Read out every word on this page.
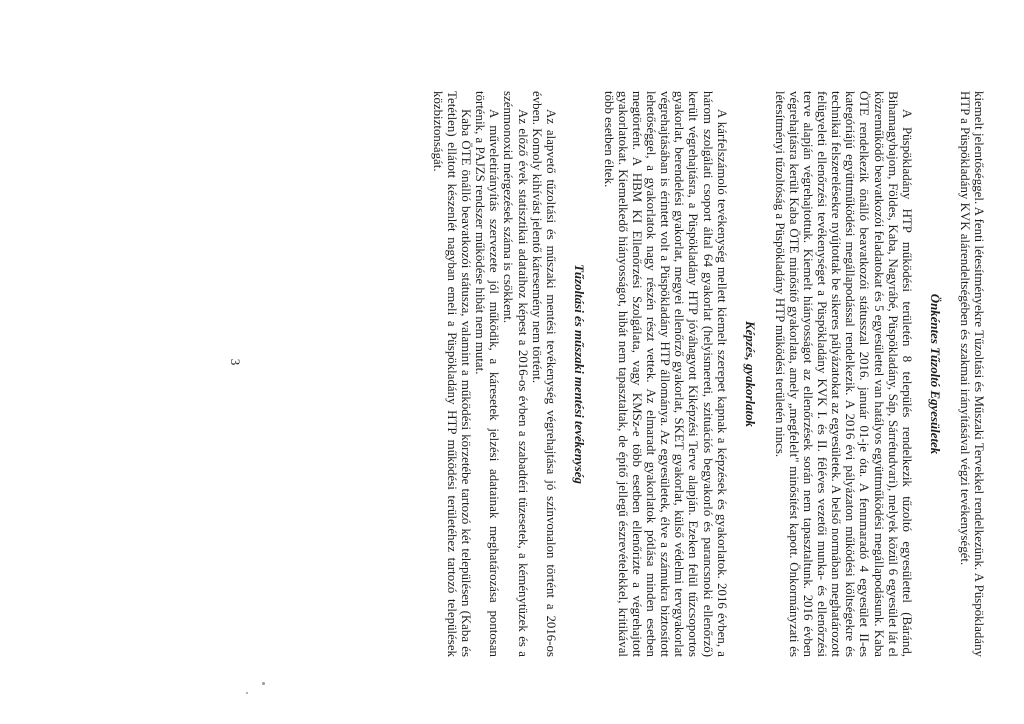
kiemelt jelentőséggel. A fenti létesítményekre Tűzoltási és Műszaki Tervekkel rendelkezünk. A Püspökladány HTP a Püspökladány KVK alárendeltségében és szakmai irányításával végzi tevékenységét.

Önkéntes Tűzoltó Egyesületek

A Püspökladány HTP működési területén 8 település rendelkezik tűzoltó egyesülettel (Báránd, Bihamagybajom, Földes, Kaba, Nagyrábé, Püspökladány, Sáp, Sárrétudvari), melyek közül 6 egyesület lát el közreműködő beavatkozói feladatokat és 5 egyesülettel van hatályos együttműködési megállapodásunk. Kaba ÖTE rendelkezik önálló beavatkozói státusszal 2016. január 01-je óta. A fennmaradó 4 egyesület II-es kategóriájú együttműködési megállapodással rendelkezik. A 2016 évi pályázaton működési költségekre és technikai felszerelésekre nyújtottak be sikeres pályázatokat az egyesületek. A belső normában meghatározott felügyeleti ellenőrzési tevékenységet a Püspökladány KVK I. és II. féléves vezetői munka- és ellenőrzési terve alapján végrehajtottuk. Kiemelt hiányosságot az ellenőrzések során nem tapasztaltunk. 2016 évben végrehajtásra került Kaba ÖTE minősítő gyakorlata, amely „megfelelt" minősítést kapott. Önkormányzati és létesítményi tűzoltóság a Püspökladány HTP működési területén nincs.

Képzés, gyakorlatok

A kárfelszámoló tevékenység mellett kiemelt szerepet kapnak a képzések és gyakorlatok. 2016 évben, a három szolgálati csoport által 64 gyakorlat (helyismereti, szituációs begyakorló és parancsnoki ellenőrző) került végrehajtásra, a Püspökladány HTP jóváhagyott Kiképzési Terve alapján. Ezeken felül tűzcsoportos gyakorlat, berendelési gyakorlat, megyei ellenőrző gyakorlat, SKET gyakorlat, külső védelmi tervgyakorlat végrehajtásában is érintett volt a Püspökladány HTP állománya. Az egyesületek, élve a számukra biztosított lehetőséggel, a gyakorlatok nagy részén részt vettek. Az elmaradt gyakorlatok pótlása minden esetben megtörtént. A HBM KI Ellenőrzési Szolgálata, vagy KMSz-e több esetben ellenőrizte a végrehajtott gyakorlatokat. Kiemelkedő hiányosságot, hibát nem tapasztaltak, de építő jellegű észrevételekkel, kritikával több esetben éltek.

Tűzoltási és műszaki mentési tevékenység

Az alapvető tűzoltási és műszaki mentési tevékenység végrehajtása jó színvonalon történt a 2016-os évben. Komoly kihívást jelentő káresemény nem történt.

Az előző évek statisztikai adataihoz képest a 2016-os évben a szabadtéri tüzesetek, a kéménytüzek és a szénmonoxid mérgezések száma is csökkent.

A műveletirányítás szervezete jól működik, a káresetek jelzési adatainak meghatározása pontosan történik, a PAJZS rendszer működése hibát nem mutat.

Kaba ÖTE önálló beavatkozói státusza, valamint a működési körzetébe tartozó két településen (Kaba és Tetétlen) ellátott készenlét nagyban emeli a Püspökladány HTP működési területéhez tartozó települések közbiztonságát.

3
